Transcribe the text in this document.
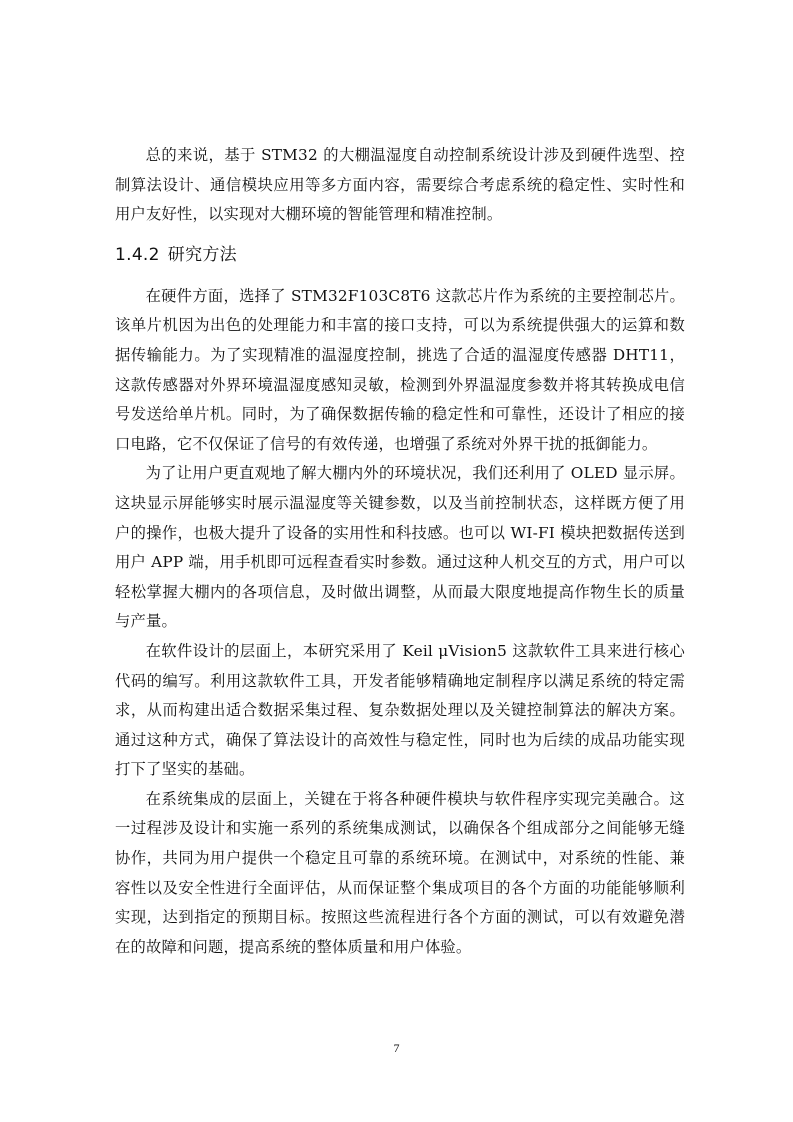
总的来说，基于 STM32 的大棚温湿度自动控制系统设计涉及到硬件选型、控制算法设计、通信模块应用等多方面内容，需要综合考虑系统的稳定性、实时性和用户友好性，以实现对大棚环境的智能管理和精准控制。

1.4.2 研究方法

在硬件方面，选择了 STM32F103C8T6 这款芯片作为系统的主要控制芯片。该单片机因为出色的处理能力和丰富的接口支持，可以为系统提供强大的运算和数据传输能力。为了实现精准的温湿度控制，挑选了合适的温湿度传感器 DHT11，这款传感器对外界环境温湿度感知灵敏，检测到外界温湿度参数并将其转换成电信号发送给单片机。同时，为了确保数据传输的稳定性和可靠性，还设计了相应的接口电路，它不仅保证了信号的有效传递，也增强了系统对外界干扰的抵御能力。

为了让用户更直观地了解大棚内外的环境状况，我们还利用了 OLED 显示屏。这块显示屏能够实时展示温湿度等关键参数，以及当前控制状态，这样既方便了用户的操作，也极大提升了设备的实用性和科技感。也可以 WI-FI 模块把数据传送到用户 APP 端，用手机即可远程查看实时参数。通过这种人机交互的方式，用户可以轻松掌握大棚内的各项信息，及时做出调整，从而最大限度地提高作物生长的质量与产量。

在软件设计的层面上，本研究采用了 Keil μVision5 这款软件工具来进行核心代码的编写。利用这款软件工具，开发者能够精确地定制程序以满足系统的特定需求，从而构建出适合数据采集过程、复杂数据处理以及关键控制算法的解决方案。通过这种方式，确保了算法设计的高效性与稳定性，同时也为后续的成品功能实现打下了坚实的基础。

在系统集成的层面上，关键在于将各种硬件模块与软件程序实现完美融合。这一过程涉及设计和实施一系列的系统集成测试，以确保各个组成部分之间能够无缝协作，共同为用户提供一个稳定且可靠的系统环境。在测试中，对系统的性能、兼容性以及安全性进行全面评估，从而保证整个集成项目的各个方面的功能能够顺利实现，达到指定的预期目标。按照这些流程进行各个方面的测试，可以有效避免潜在的故障和问题，提高系统的整体质量和用户体验。

7
